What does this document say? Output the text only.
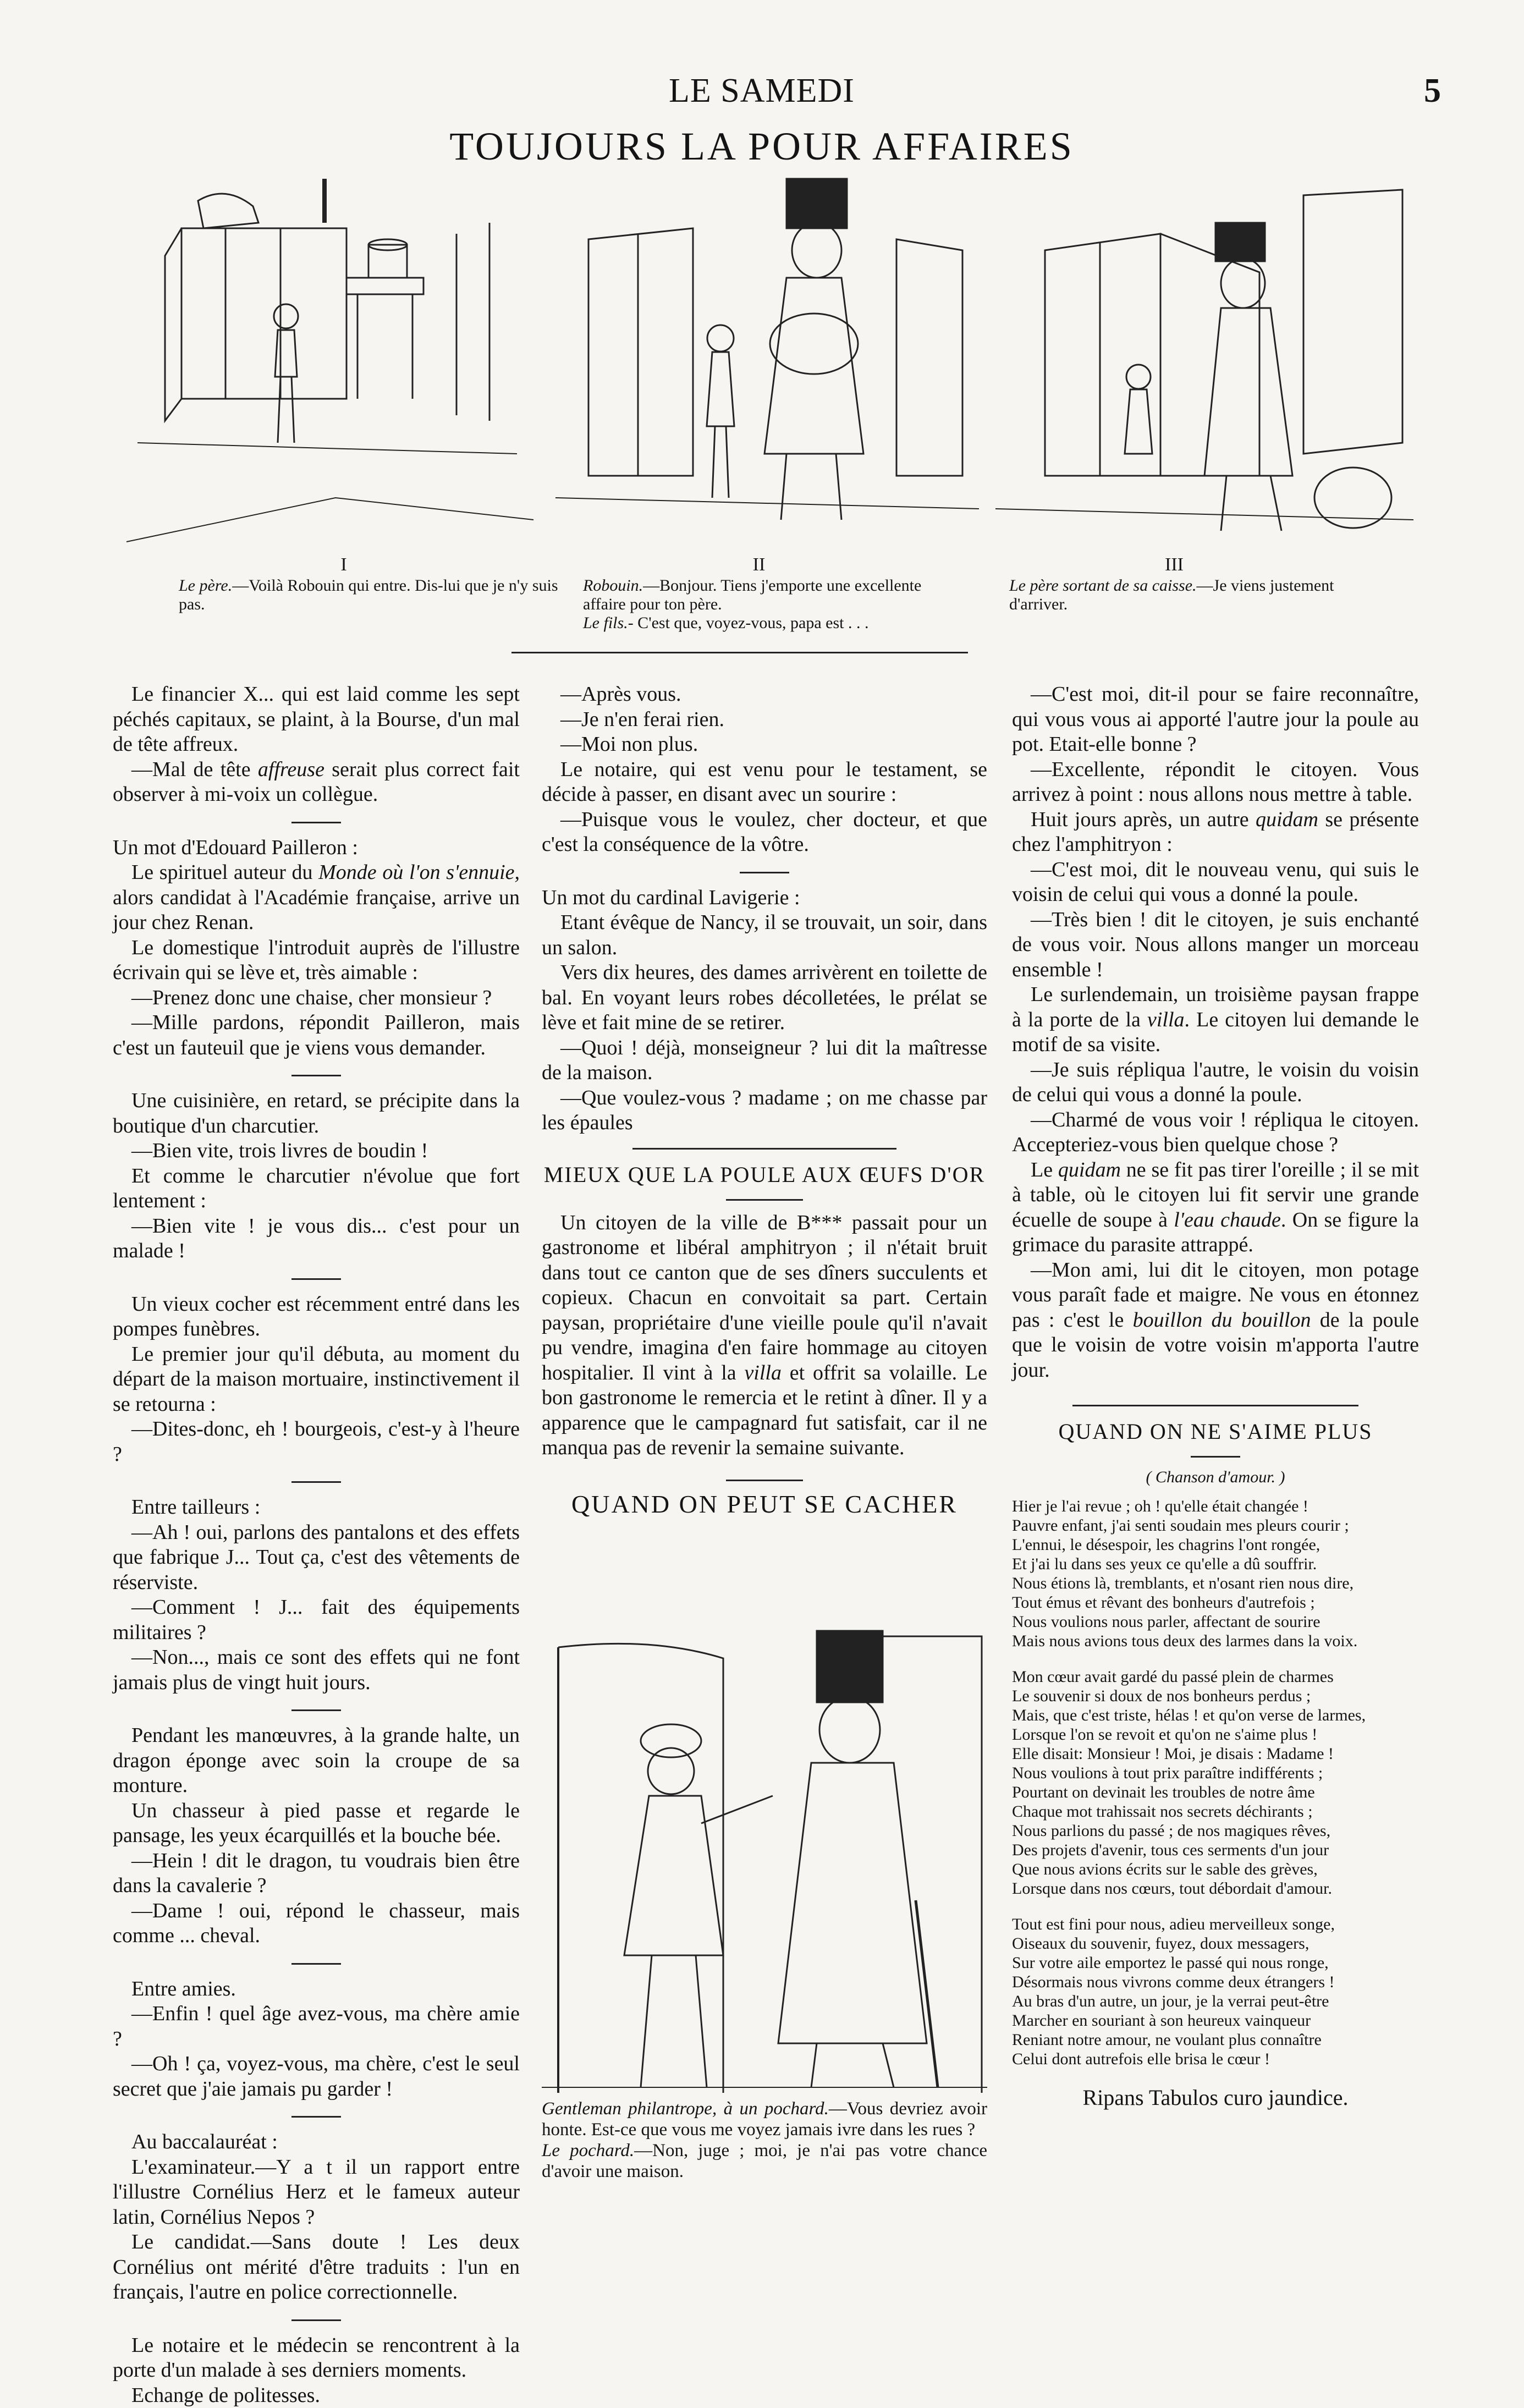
LE SAMEDI	5
TOUJOURS LA POUR AFFAIRES
I	II	III
Le père.—Voilà Robouin qui entre. Dis-lui que je n'y suis pas.
Robouin.—Bonjour. Tiens j'emporte une excellente affaire pour ton père.
Le fils.- C'est que, voyez-vous, papa est . . .
Le père sortant de sa caisse.—Je viens justement d'arriver.

Le financier X... qui est laid comme les sept péchés capitaux, se plaint, à la Bourse, d'un mal de tête affreux.

—Mal de tête affreuse serait plus correct fait observer à mi-voix un collègue.

Un mot d'Edouard Pailleron :

Le spirituel auteur du Monde où l'on s'ennuie, alors candidat à l'Académie française, arrive un jour chez Renan.

Le domestique l'introduit auprès de l'illustre écrivain qui se lève et, très aimable :

—Prenez donc une chaise, cher monsieur ?

—Mille pardons, répondit Pailleron, mais c'est un fauteuil que je viens vous demander.

Une cuisinière, en retard, se précipite dans la boutique d'un charcutier.

—Bien vite, trois livres de boudin !

Et comme le charcutier n'évolue que fort lentement :

—Bien vite ! je vous dis... c'est pour un malade !

Un vieux cocher est récemment entré dans les pompes funèbres.

Le premier jour qu'il débuta, au moment du départ de la maison mortuaire, instinctivement il se retourna :

—Dites-donc, eh ! bourgeois, c'est-y à l'heure ?

Entre tailleurs :

—Ah ! oui, parlons des pantalons et des effets que fabrique J... Tout ça, c'est des vêtements de réserviste.

—Comment ! J... fait des équipements militaires ?

—Non..., mais ce sont des effets qui ne font jamais plus de vingt huit jours.

Pendant les manœuvres, à la grande halte, un dragon éponge avec soin la croupe de sa monture.

Un chasseur à pied passe et regarde le pansage, les yeux écarquillés et la bouche bée.

—Hein ! dit le dragon, tu voudrais bien être dans la cavalerie ?

—Dame ! oui, répond le chasseur, mais comme ... cheval.

Entre amies.

—Enfin ! quel âge avez-vous, ma chère amie ?

—Oh ! ça, voyez-vous, ma chère, c'est le seul secret que j'aie jamais pu garder !

Au baccalauréat :

L'examinateur.—Y a t il un rapport entre l'illustre Cornélius Herz et le fameux auteur latin, Cornélius Nepos ?

Le candidat.—Sans doute ! Les deux Cornélius ont mérité d'être traduits : l'un en français, l'autre en police correctionnelle.

Le notaire et le médecin se rencontrent à la porte d'un malade à ses derniers moments.

Echange de politesses.

—Après vous.

—Je n'en ferai rien.

—Moi non plus.

Le notaire, qui est venu pour le testament, se décide à passer, en disant avec un sourire :

—Puisque vous le voulez, cher docteur, et que c'est la conséquence de la vôtre.

Un mot du cardinal Lavigerie :

Etant évêque de Nancy, il se trouvait, un soir, dans un salon.

Vers dix heures, des dames arrivèrent en toilette de bal. En voyant leurs robes décolletées, le prélat se lève et fait mine de se retirer.

—Quoi ! déjà, monseigneur ? lui dit la maîtresse de la maison.

—Que voulez-vous ? madame ; on me chasse par les épaules

MIEUX QUE LA POULE AUX ŒUFS D'OR

Un citoyen de la ville de B*** passait pour un gastronome et libéral amphitryon ; il n'était bruit dans tout ce canton que de ses dîners succulents et copieux. Chacun en convoitait sa part. Certain paysan, propriétaire d'une vieille poule qu'il n'avait pu vendre, imagina d'en faire hommage au citoyen hospitalier. Il vint à la villa et offrit sa volaille. Le bon gastronome le remercia et le retint à dîner. Il y a apparence que le campagnard fut satisfait, car il ne manqua pas de revenir la semaine suivante.

QUAND ON PEUT SE CACHER
Gentleman philantrope, à un pochard.—Vous devriez avoir honte. Est-ce que vous me voyez jamais ivre dans les rues ?
Le pochard.—Non, juge ; moi, je n'ai pas votre chance d'avoir une maison.

—C'est moi, dit-il pour se faire reconnaître, qui vous vous ai apporté l'autre jour la poule au pot. Etait-elle bonne ?

—Excellente, répondit le citoyen. Vous arrivez à point : nous allons nous mettre à table.

Huit jours après, un autre quidam se présente chez l'amphitryon :

—C'est moi, dit le nouveau venu, qui suis le voisin de celui qui vous a donné la poule.

—Très bien ! dit le citoyen, je suis enchanté de vous voir. Nous allons manger un morceau ensemble !

Le surlendemain, un troisième paysan frappe à la porte de la villa. Le citoyen lui demande le motif de sa visite.

—Je suis répliqua l'autre, le voisin du voisin de celui qui vous a donné la poule.

—Charmé de vous voir ! répliqua le citoyen. Accepteriez-vous bien quelque chose ?

Le quidam ne se fit pas tirer l'oreille ; il se mit à table, où le citoyen lui fit servir une grande écuelle de soupe à l'eau chaude. On se figure la grimace du parasite attrappé.

—Mon ami, lui dit le citoyen, mon potage vous paraît fade et maigre. Ne vous en étonnez pas : c'est le bouillon du bouillon de la poule que le voisin de votre voisin m'apporta l'autre jour.

QUAND ON NE S'AIME PLUS
( Chanson d'amour. )
Hier je l'ai revue ; oh ! qu'elle était changée !
Pauvre enfant, j'ai senti soudain mes pleurs courir ;
L'ennui, le désespoir, les chagrins l'ont rongée,
Et j'ai lu dans ses yeux ce qu'elle a dû souffrir.
Nous étions là, tremblants, et n'osant rien nous dire,
Tout émus et rêvant des bonheurs d'autrefois ;
Nous voulions nous parler, affectant de sourire
Mais nous avions tous deux des larmes dans la voix.
Mon cœur avait gardé du passé plein de charmes
Le souvenir si doux de nos bonheurs perdus ;
Mais, que c'est triste, hélas ! et qu'on verse de larmes,
Lorsque l'on se revoit et qu'on ne s'aime plus !
Elle disait: Monsieur ! Moi, je disais : Madame !
Nous voulions à tout prix paraître indifférents ;
Pourtant on devinait les troubles de notre âme
Chaque mot trahissait nos secrets déchirants ;
Nous parlions du passé ; de nos magiques rêves,
Des projets d'avenir, tous ces serments d'un jour
Que nous avions écrits sur le sable des grèves,
Lorsque dans nos cœurs, tout débordait d'amour.
Tout est fini pour nous, adieu merveilleux songe,
Oiseaux du souvenir, fuyez, doux messagers,
Sur votre aile emportez le passé qui nous ronge,
Désormais nous vivrons comme deux étrangers !
Au bras d'un autre, un jour, je la verrai peut-être
Marcher en souriant à son heureux vainqueur
Reniant notre amour, ne voulant plus connaître
Celui dont autrefois elle brisa le cœur !
Ripans Tabulos curo jaundice.
